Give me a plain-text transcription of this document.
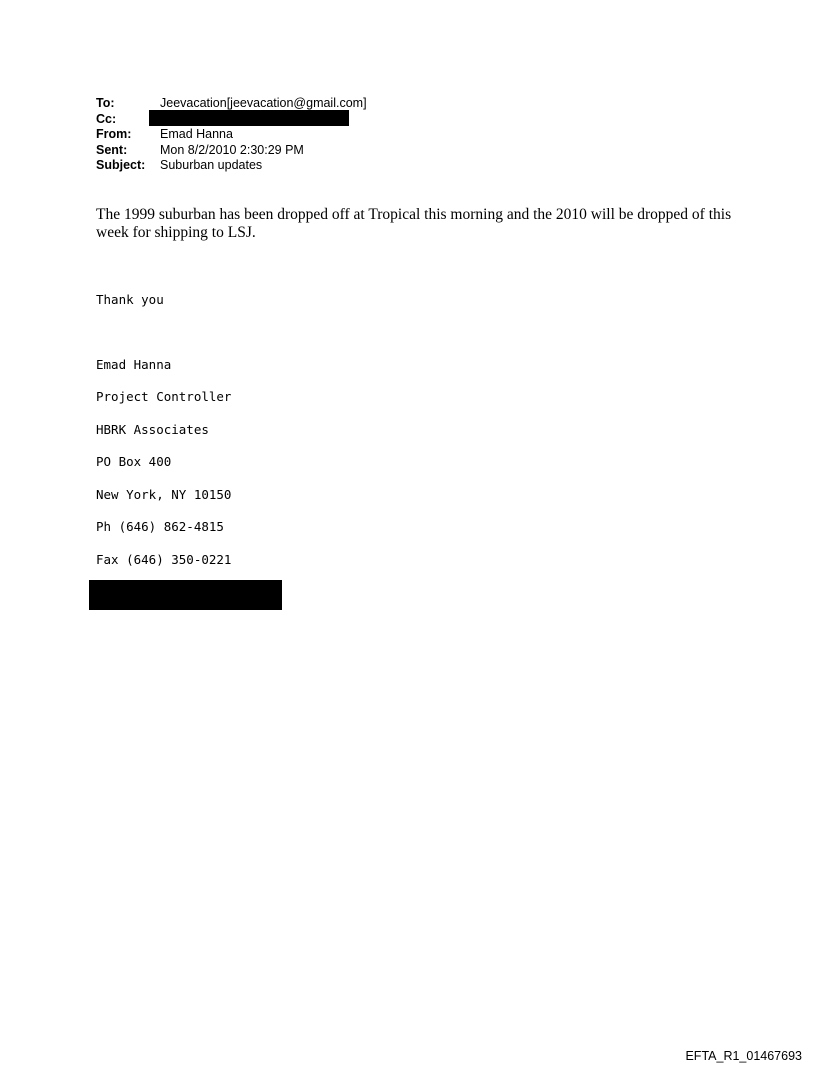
To:	Jeevacation[jeevacation@gmail.com]
Cc:
From:	Emad Hanna
Sent:	Mon 8/2/2010 2:30:29 PM
Subject:	Suburban updates
The 1999 suburban has been dropped off at Tropical this morning and the 2010 will be dropped of this week for shipping to LSJ.
Thank you
Emad Hanna
Project Controller
HBRK Associates
PO Box 400
New York, NY 10150
Ph (646) 862-4815
Fax (646) 350-0221
EFTA_R1_01467693
